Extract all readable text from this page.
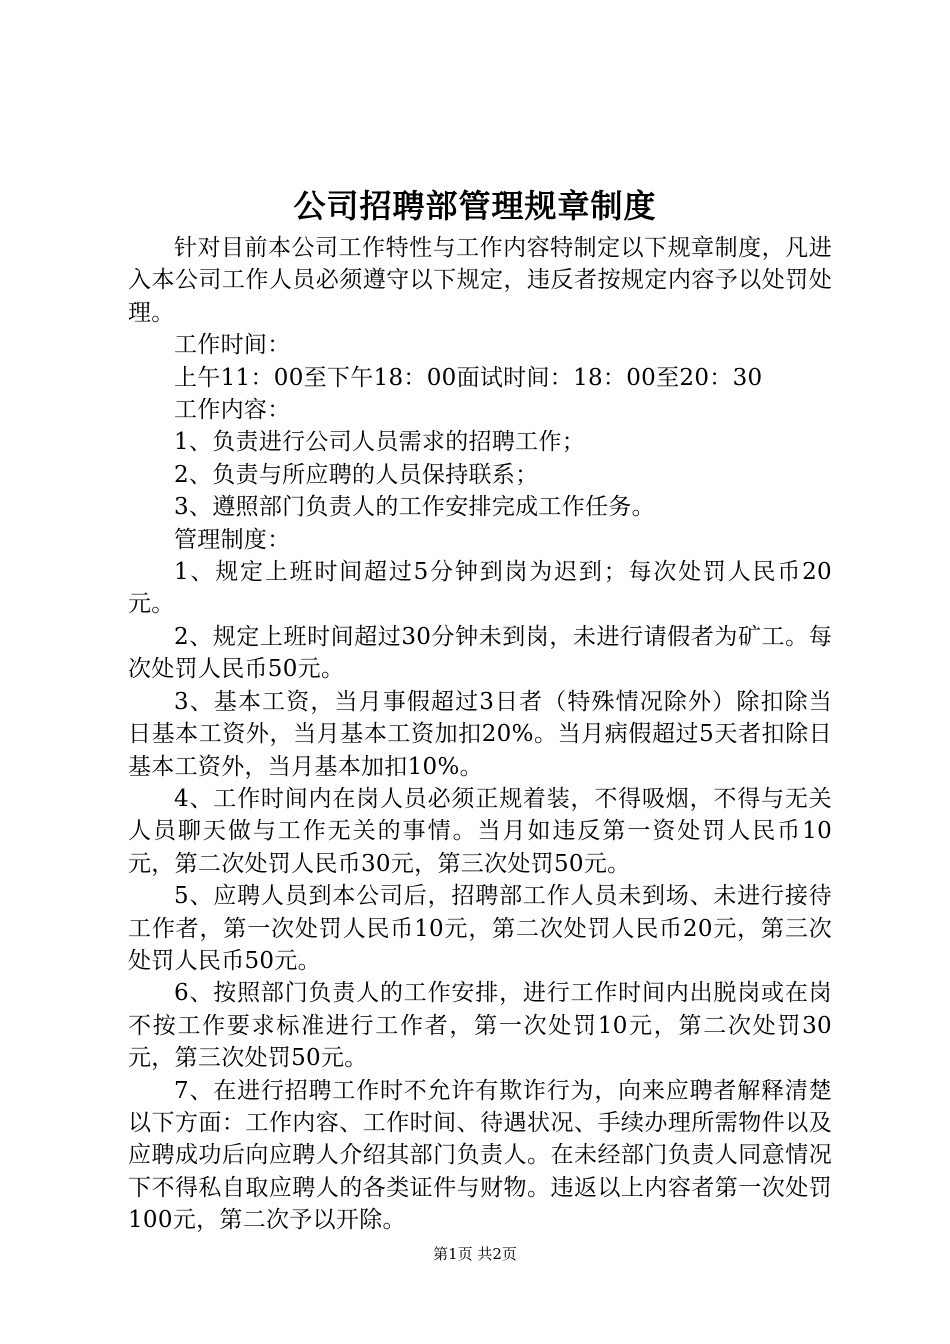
公司招聘部管理规章制度

针对目前本公司工作特性与工作内容特制定以下规章制度，凡进入本公司工作人员必须遵守以下规定，违反者按规定内容予以处罚处理。

工作时间：

上午11：00至下午18：00面试时间：18：00至20：30

工作内容：

1、负责进行公司人员需求的招聘工作；

2、负责与所应聘的人员保持联系；

3、遵照部门负责人的工作安排完成工作任务。

管理制度：

1、规定上班时间超过5分钟到岗为迟到；每次处罚人民币20元。

2、规定上班时间超过30分钟未到岗，未进行请假者为矿工。每次处罚人民币50元。

3、基本工资，当月事假超过3日者（特殊情况除外）除扣除当日基本工资外，当月基本工资加扣20%。当月病假超过5天者扣除日基本工资外，当月基本加扣10%。

4、工作时间内在岗人员必须正规着装，不得吸烟，不得与无关人员聊天做与工作无关的事情。当月如违反第一资处罚人民币10元，第二次处罚人民币30元，第三次处罚50元。

5、应聘人员到本公司后，招聘部工作人员未到场、未进行接待工作者，第一次处罚人民币10元，第二次处罚人民币20元，第三次处罚人民币50元。

6、按照部门负责人的工作安排，进行工作时间内出脱岗或在岗不按工作要求标准进行工作者，第一次处罚10元，第二次处罚30元，第三次处罚50元。

7、在进行招聘工作时不允许有欺诈行为，向来应聘者解释清楚以下方面：工作内容、工作时间、待遇状况、手续办理所需物件以及应聘成功后向应聘人介绍其部门负责人。在未经部门负责人同意情况下不得私自取应聘人的各类证件与财物。违返以上内容者第一次处罚100元，第二次予以开除。

第1页 共2页
